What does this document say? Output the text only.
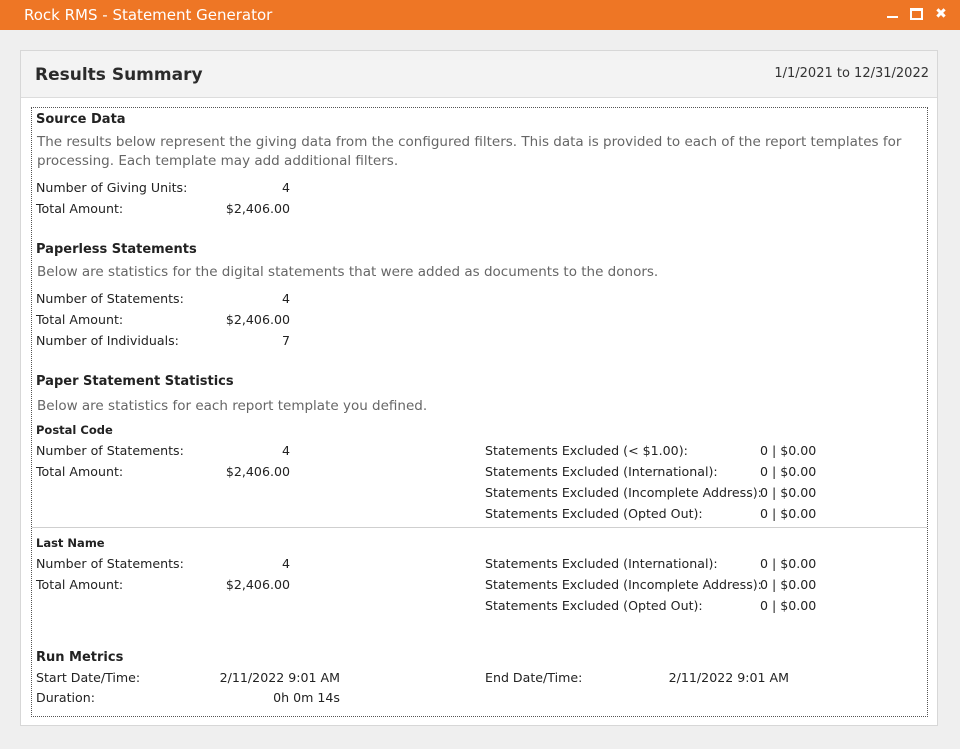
Rock RMS - Statement Generator	✖
Results Summary	1/1/2021 to 12/31/2022
Source Data
The results below represent the giving data from the configured filters. This data is provided to each of the report templates for
processing. Each template may add additional filters.
Number of Giving Units:	4
Total Amount:	$2,406.00
Paperless Statements
Below are statistics for the digital statements that were added as documents to the donors.
Number of Statements:	4
Total Amount:	$2,406.00
Number of Individuals:	7
Paper Statement Statistics
Below are statistics for each report template you defined.
Postal Code
Number of Statements:	4
Total Amount:	$2,406.00
Statements Excluded (< $1.00):	0 | $0.00
Statements Excluded (International):	0 | $0.00
Statements Excluded (Incomplete Address):
0 | $0.00
Statements Excluded (Opted Out):	0 | $0.00
Last Name
Number of Statements:	4
Total Amount:	$2,406.00
Statements Excluded (International):	0 | $0.00
Statements Excluded (Incomplete Address):
0 | $0.00
Statements Excluded (Opted Out):	0 | $0.00
Run Metrics
Start Date/Time:	2/11/2022 9:01 AM
Duration:	0h 0m 14s
End Date/Time:	2/11/2022 9:01 AM
